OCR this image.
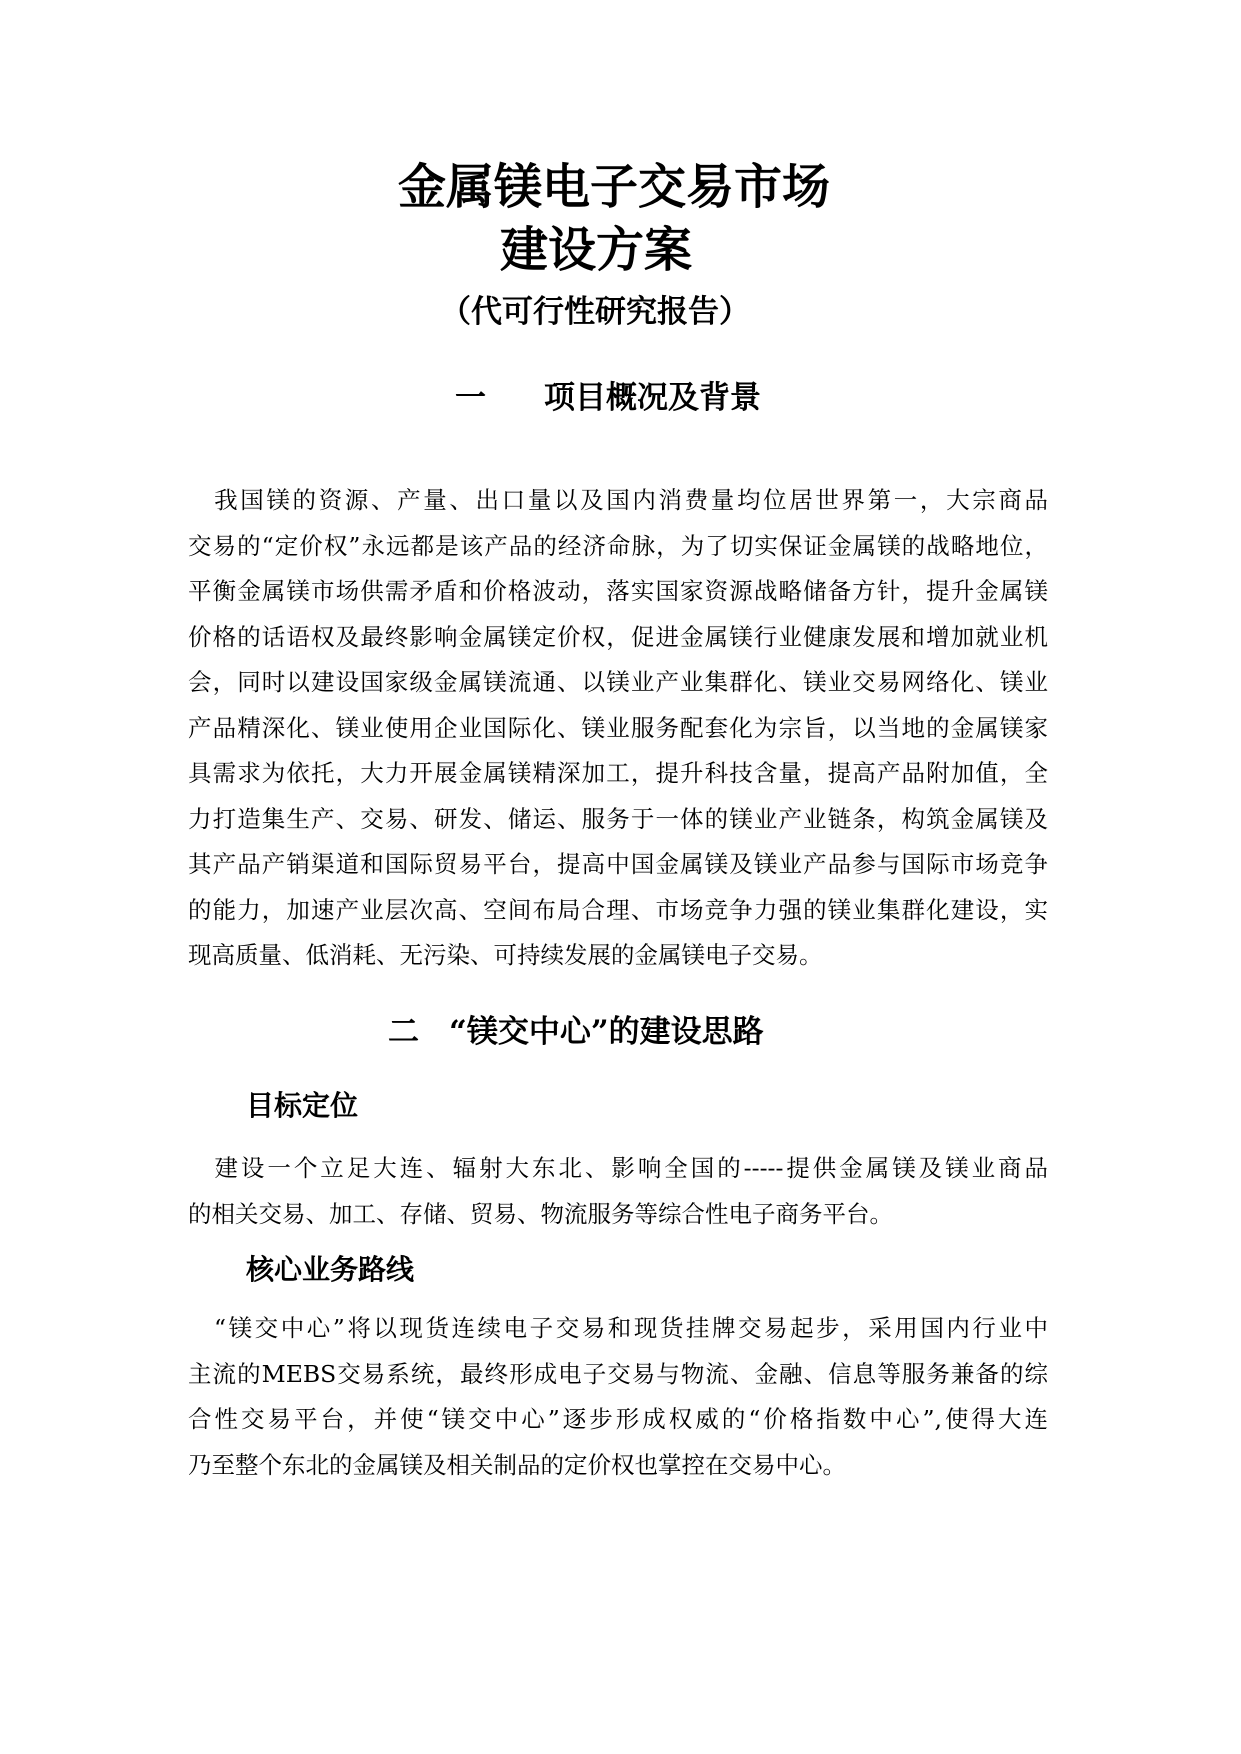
金属镁电子交易市场
建设方案
（代可行性研究报告）
一 项目概况及背景
　我国镁的资源、产量、出口量以及国内消费量均位居世界第一，大宗商品
交易的“定价权”永远都是该产品的经济命脉，为了切实保证金属镁的战略地位，
平衡金属镁市场供需矛盾和价格波动，落实国家资源战略储备方针，提升金属镁
价格的话语权及最终影响金属镁定价权，促进金属镁行业健康发展和增加就业机
会，同时以建设国家级金属镁流通、以镁业产业集群化、镁业交易网络化、镁业
产品精深化、镁业使用企业国际化、镁业服务配套化为宗旨，以当地的金属镁家
具需求为依托，大力开展金属镁精深加工，提升科技含量，提高产品附加值，全
力打造集生产、交易、研发、储运、服务于一体的镁业产业链条，构筑金属镁及
其产品产销渠道和国际贸易平台，提高中国金属镁及镁业产品参与国际市场竞争
的能力，加速产业层次高、空间布局合理、市场竞争力强的镁业集群化建设，实
现高质量、低消耗、无污染、可持续发展的金属镁电子交易。
二 “镁交中心”的建设思路
目标定位
　建设一个立足大连、辐射大东北、影响全国的-----提供金属镁及镁业商品
的相关交易、加工、存储、贸易、物流服务等综合性电子商务平台。
核心业务路线
　“镁交中心”将以现货连续电子交易和现货挂牌交易起步，采用国内行业中
主流的MEBS交易系统，最终形成电子交易与物流、金融、信息等服务兼备的综
合性交易平台，并使“镁交中心”逐步形成权威的“价格指数中心”,使得大连
乃至整个东北的金属镁及相关制品的定价权也掌控在交易中心。
